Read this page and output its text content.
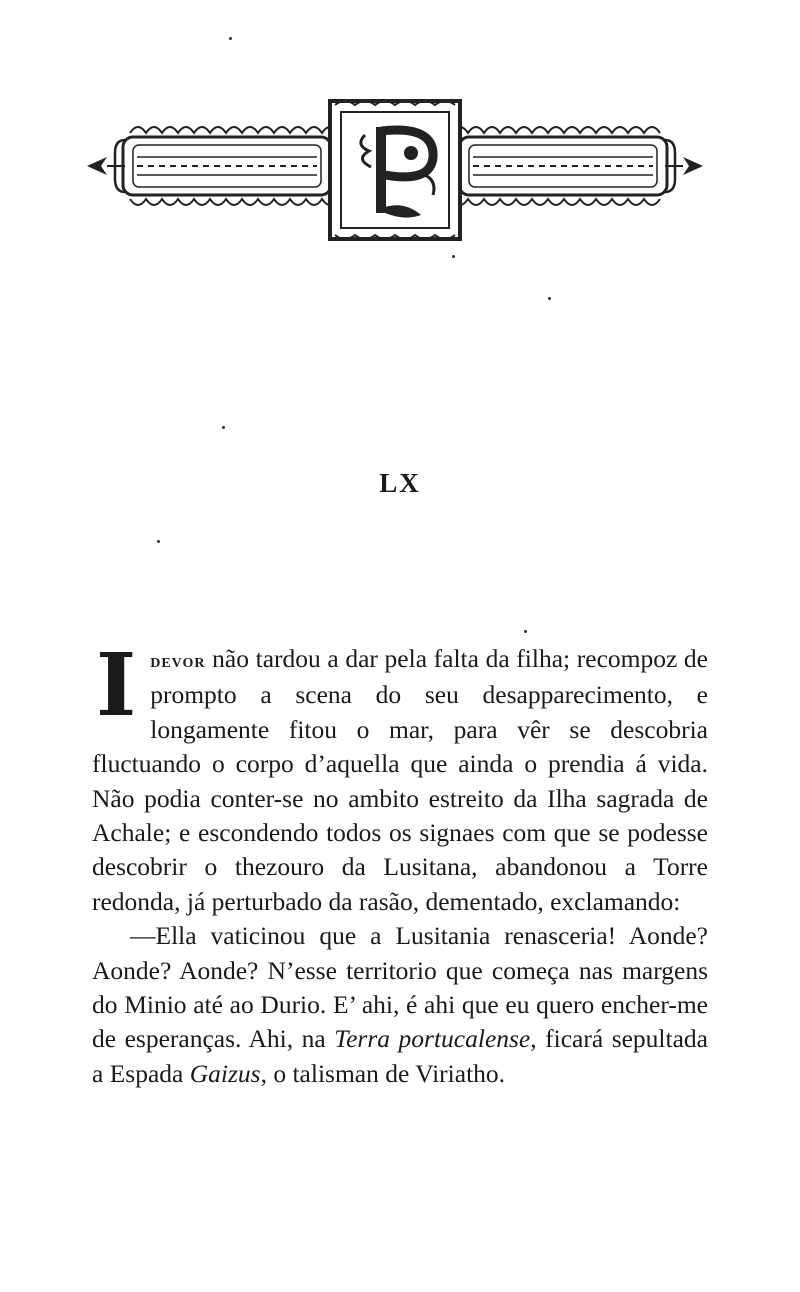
LX

Idevor não tardou a dar pela falta da filha; recompoz de prompto a scena do seu desapparecimento, e longamente fitou o mar, para vêr se descobria fluctuando o corpo d’aquella que ainda o prendia á vida. Não podia conter-se no ambito estreito da Ilha sagrada de Achale; e escondendo todos os signaes com que se podesse descobrir o thezouro da Lusitana, abandonou a Torre redonda, já perturbado da rasão, dementado, exclamando:

—Ella vaticinou que a Lusitania renasceria! Aonde? Aonde? Aonde? N’esse territorio que começa nas margens do Minio até ao Durio. E’ ahi, é ahi que eu quero encher-me de esperanças. Ahi, na Terra portucalense, ficará sepultada a Espada Gaizus, o talisman de Viriatho.
